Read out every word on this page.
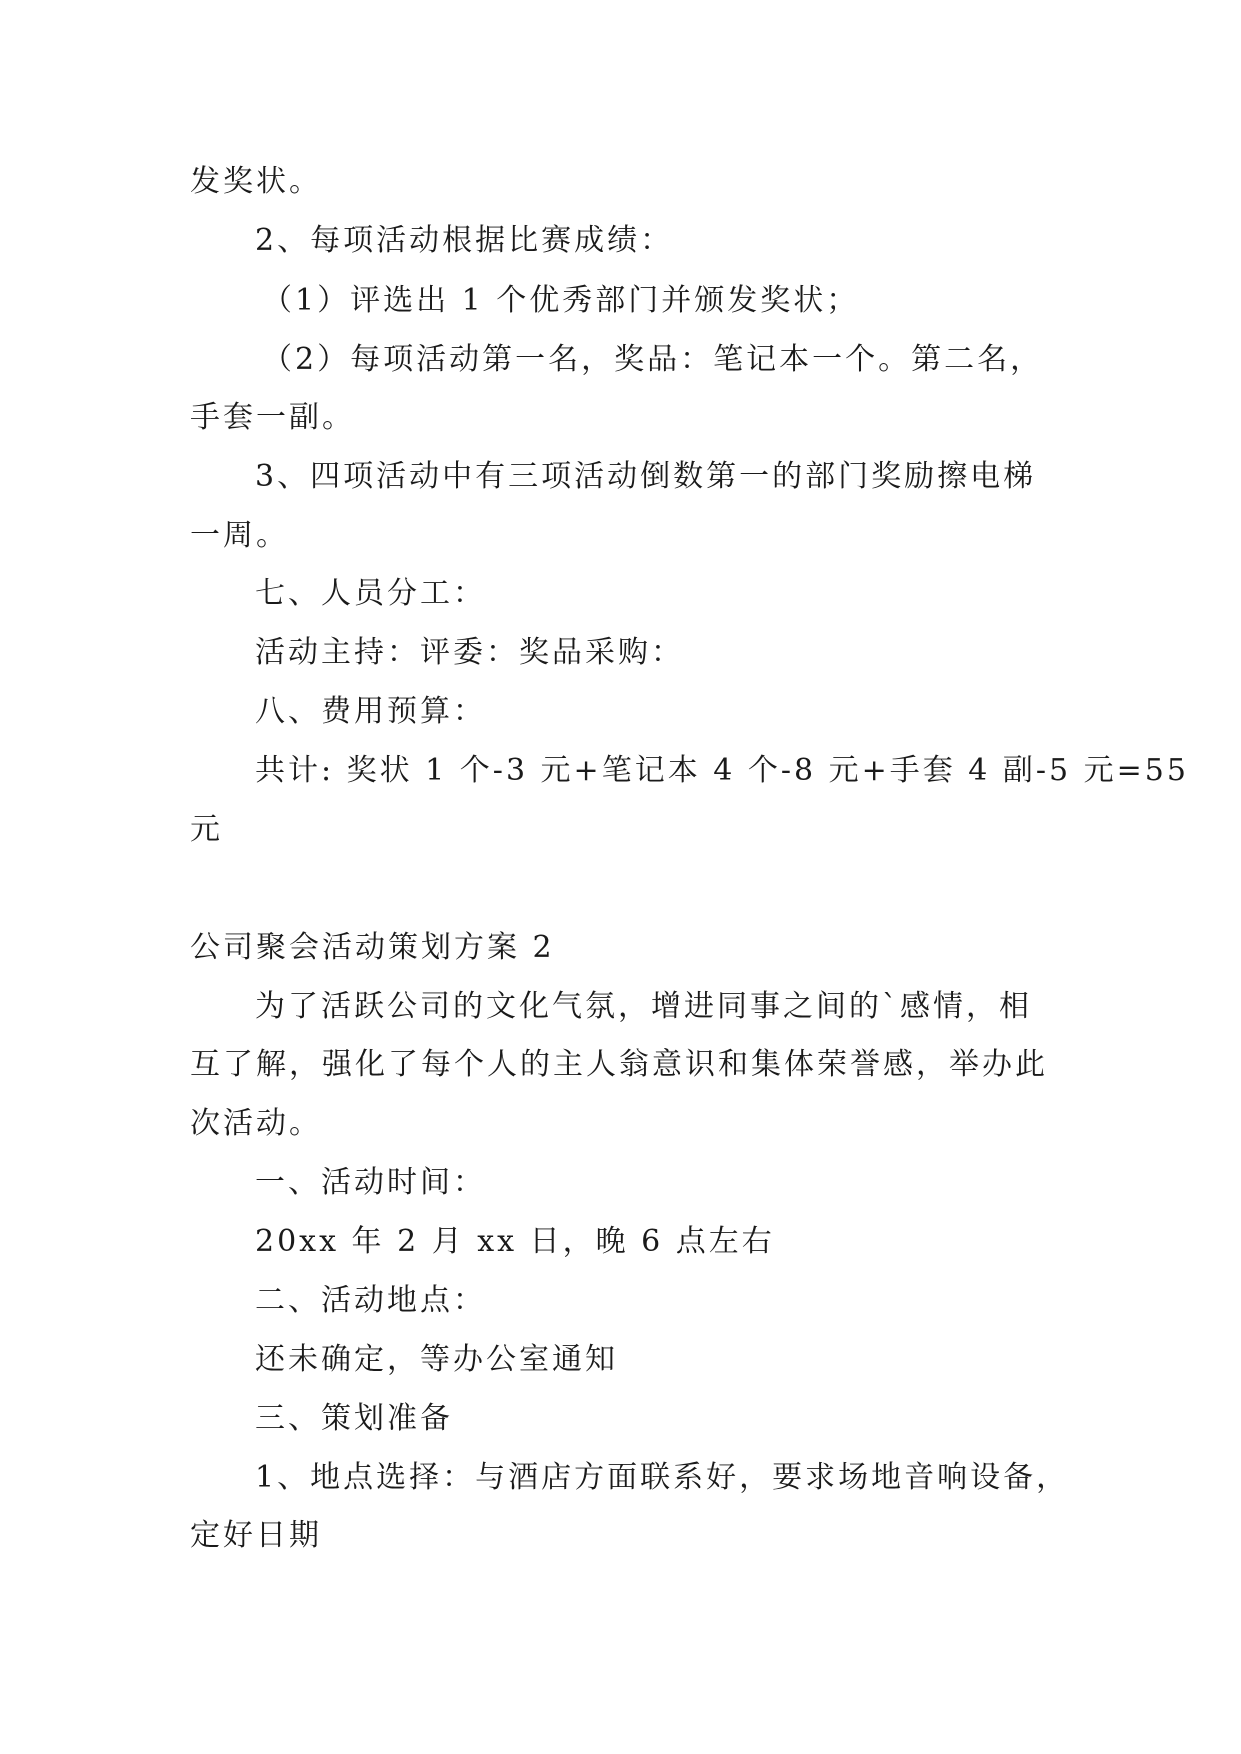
发奖状。

2、每项活动根据比赛成绩：

（1）评选出 1 个优秀部门并颁发奖状；

（2）每项活动第一名，奖品：笔记本一个。第二名，

手套一副。

3、四项活动中有三项活动倒数第一的部门奖励擦电梯

一周。

七、人员分工：

活动主持：评委：奖品采购：

八、费用预算：

共计: 奖状 1 个-3 元+笔记本 4 个-8 元+手套 4 副-5 元=55

元

公司聚会活动策划方案 2

为了活跃公司的文化气氛，增进同事之间的`感情，相

互了解，强化了每个人的主人翁意识和集体荣誉感，举办此

次活动。

一、活动时间：

20xx 年 2 月 xx 日，晚 6 点左右

二、活动地点：

还未确定，等办公室通知

三、策划准备

1、地点选择：与酒店方面联系好，要求场地音响设备，

定好日期
